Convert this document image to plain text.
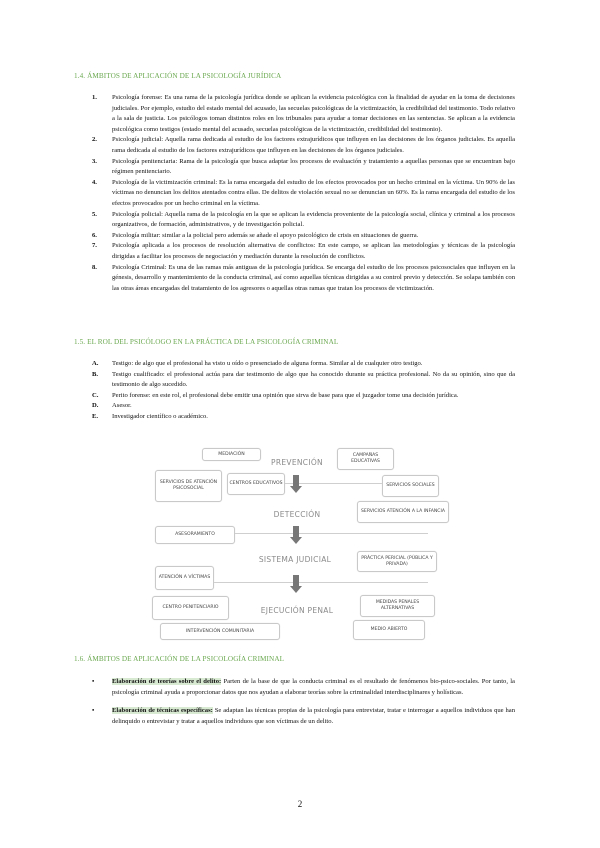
1.4. ÁMBITOS DE APLICACIÓN DE LA PSICOLOGÍA JURÍDICA
1. Psicología forense: Es una rama de la psicología jurídica donde se aplican la evidencia psicológica con la finalidad de ayudar en la toma de decisiones judiciales. Por ejemplo, estudio del estado mental del acusado, las secuelas psicológicas de la victimización, la credibilidad del testimonio. Todo relativo a la sala de justicia. Los psicólogos toman distintos roles en los tribunales para ayudar a tomar decisiones en las sentencias. Se aplican a la evidencia psicológica como testigos (estado mental del acusado, secuelas psicológicas de la victimización, credibilidad del testimonio).
2. Psicología judicial: Aquella rama dedicada al estudio de los factores extrajurídicos que influyen en las decisiones de los órganos judiciales. Es aquella rama dedicada al estudio de los factores extrajurídicos que influyen en las decisiones de los órganos judiciales.
3. Psicología penitenciaria: Rama de la psicología que busca adaptar los procesos de evaluación y tratamiento a aquellas personas que se encuentran bajo régimen penitenciario.
4. Psicología de la victimización criminal: Es la rama encargada del estudio de los efectos provocados por un hecho criminal en la víctima. Un 90% de las víctimas no denuncian los delitos atentados contra ellas. De delitos de violación sexual no se denuncian un 60%. Es la rama encargada del estudio de los efectos provocados por un hecho criminal en la víctima.
5. Psicología policial: Aquella rama de la psicología en la que se aplican la evidencia proveniente de la psicología social, clínica y criminal a los procesos organizativos, de formación, administrativos, y de investigación policial.
6. Psicología militar: similar a la policial pero además se añade el apoyo psicológico de crisis en situaciones de guerra.
7. Psicología aplicada a los procesos de resolución alternativa de conflictos: En este campo, se aplican las metodologías y técnicas de la psicología dirigidas a facilitar los procesos de negociación y mediación durante la resolución de conflictos.
8. Psicología Criminal: Es una de las ramas más antiguas de la psicología jurídica. Se encarga del estudio de los procesos psicosociales que influyen en la génesis, desarrollo y mantenimiento de la conducta criminal, así como aquellas técnicas dirigidas a su control previo y detección. Se solapa también con las otras áreas encargadas del tratamiento de los agresores o aquellas otras ramas que tratan los procesos de victimización.
1.5. EL ROL DEL PSICÓLOGO EN LA PRÁCTICA DE LA PSICOLOGÍA CRIMINAL
A. Testigo: de algo que el profesional ha visto u oído o presenciado de alguna forma. Similar al de cualquier otro testigo.
B. Testigo cualificado: el profesional actúa para dar testimonio de algo que ha conocido durante su práctica profesional. No da su opinión, sino que da testimonio de algo sucedido.
C. Perito forense: en este rol, el profesional debe emitir una opinión que sirva de base para que el juzgador tome una decisión jurídica.
D. Asesor.
E. Investigador científico o académico.
MEDIACIÓN
PREVENCIÓN
CAMPAÑAS EDUCATIVAS
SERVICIOS DE ATENCIÓN PSICOSOCIAL
CENTROS EDUCATIVOS	SERVICIOS SOCIALES
DETECCIÓN	SERVICIOS ATENCIÓN A LA INFANCIA
ASESORAMIENTO
SISTEMA JUDICIAL	PRÁCTICA PERICIAL (PÚBLICA Y PRIVADA)
ATENCIÓN A VÍCTIMAS
EJECUCIÓN PENAL
CENTRO PENITENCIARIO
MEDIDAS PENALES ALTERNATIVAS
INTERVENCIÓN COMUNITARIA	MEDIO ABIERTO
1.6. ÁMBITOS DE APLICACIÓN DE LA PSICOLOGÍA CRIMINAL
•	Elaboración de teorías sobre el delito: Parten de la base de que la conducta criminal es el resultado de fenómenos bio-psico-sociales. Por tanto, la psicología criminal ayuda a proporcionar datos que nos ayudan a elaborar teorías sobre la criminalidad interdisciplinares y holísticas.
•	Elaboración de técnicas específicas: Se adaptan las técnicas propias de la psicología para entrevistar, tratar e interrogar a aquellos individuos que han delinquido o entrevistar y tratar a aquellos individuos que son víctimas de un delito.
2
